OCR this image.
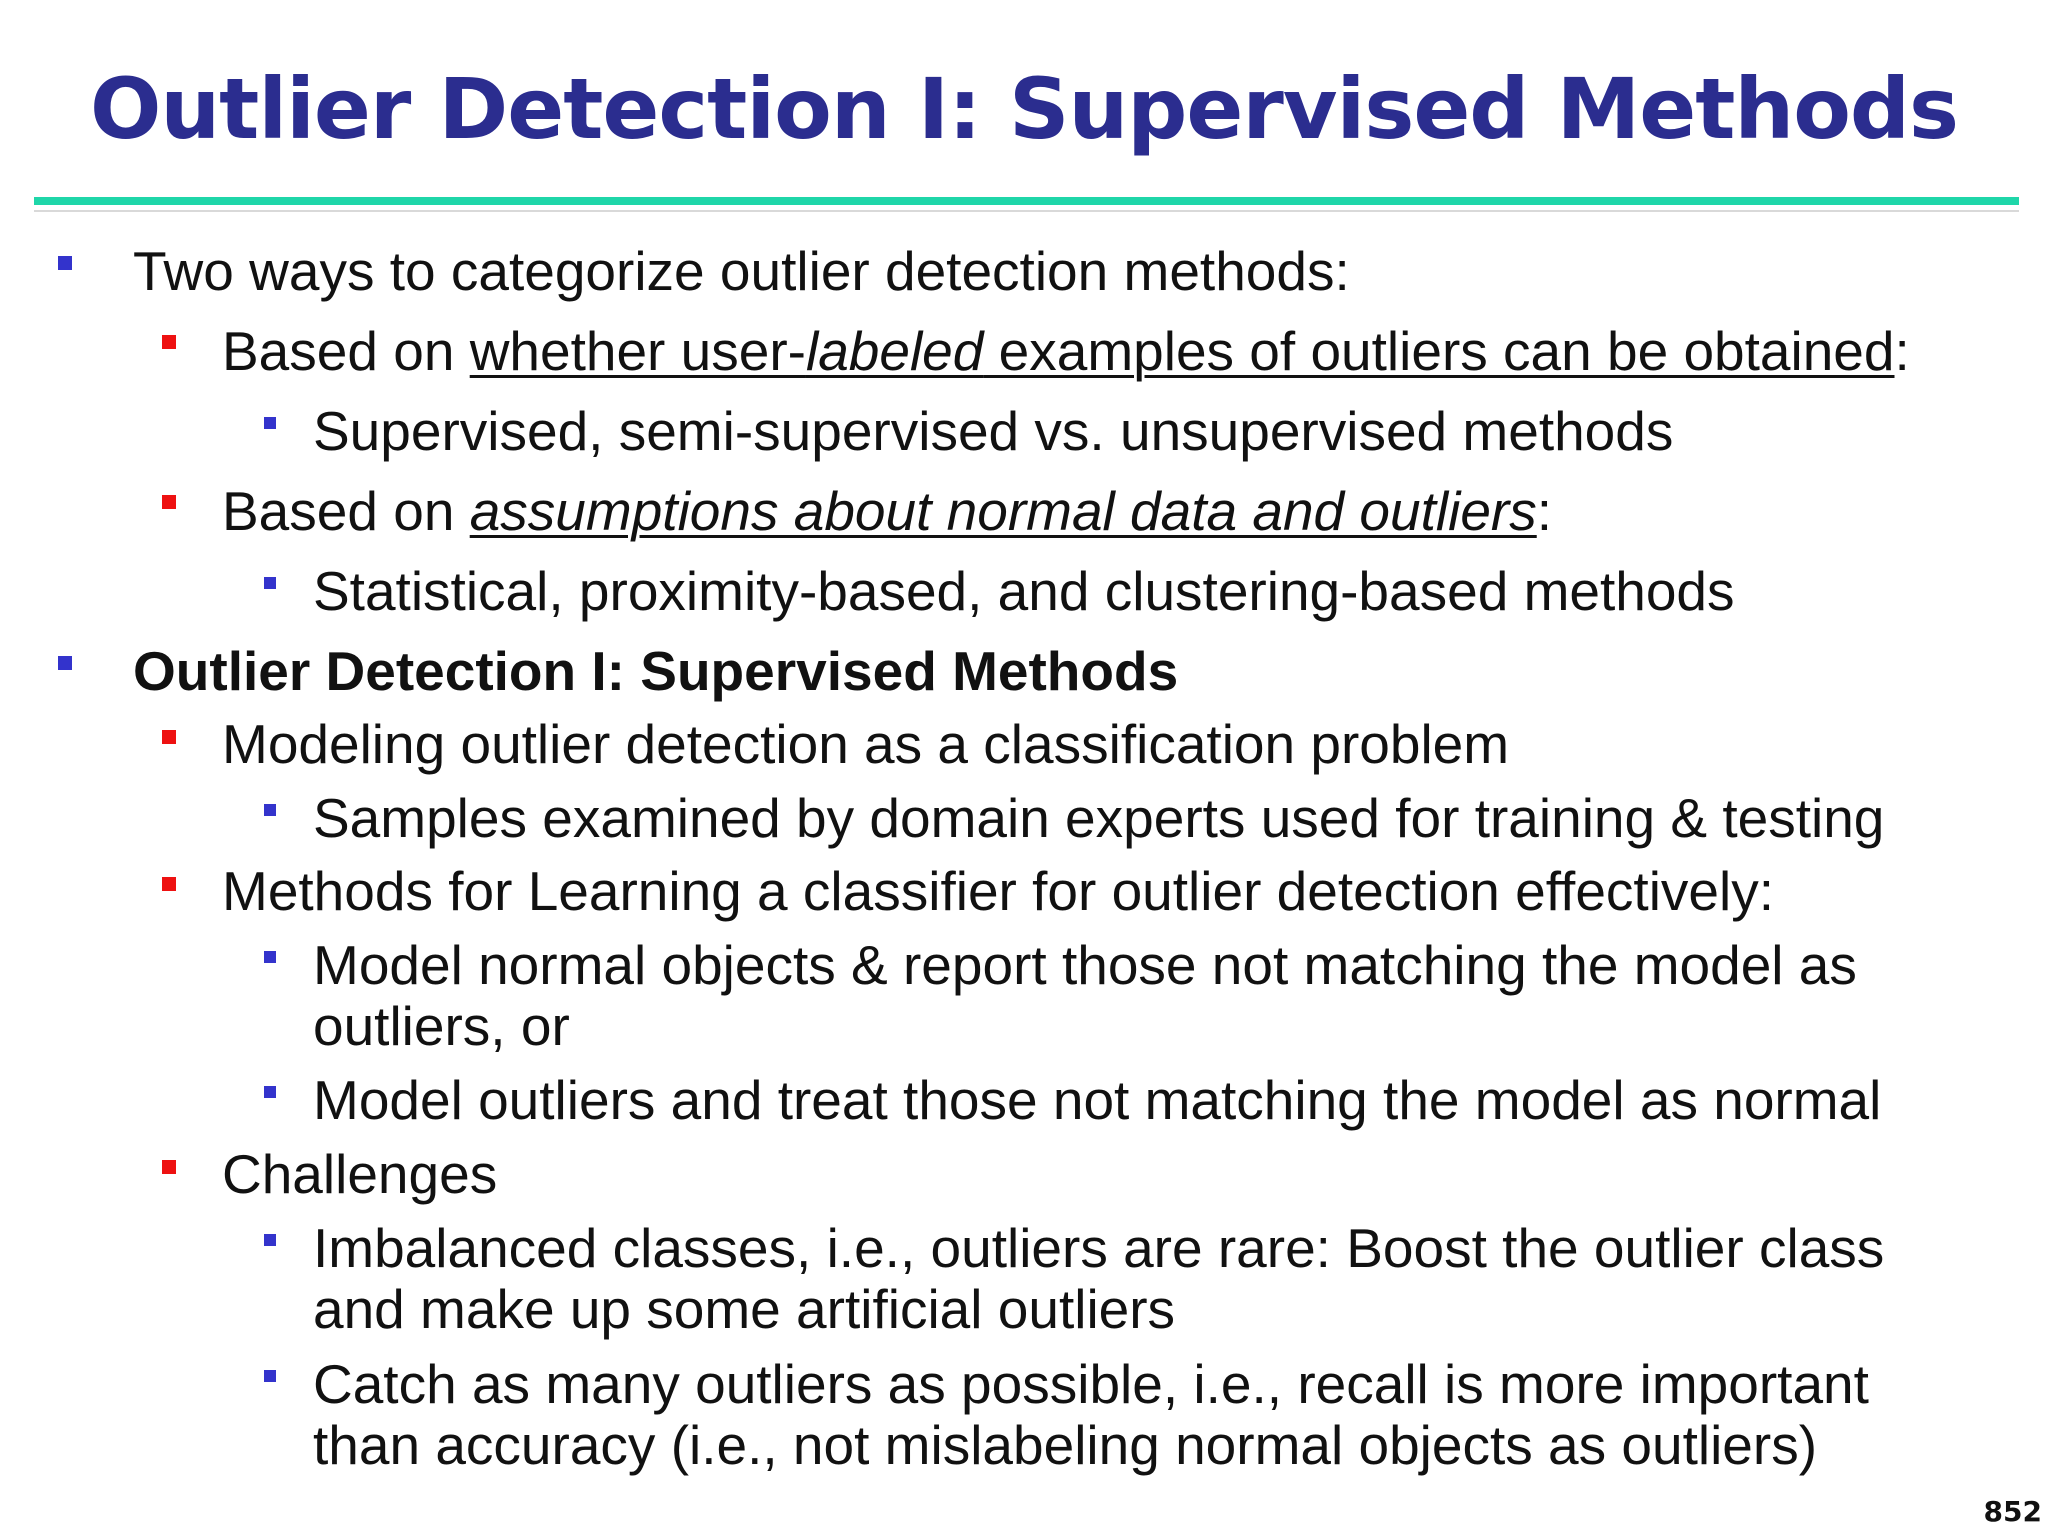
Outlier Detection I: Supervised Methods
Two ways to categorize outlier detection methods:
Based on whether user-labeled examples of outliers can be obtained:
Supervised, semi-supervised vs. unsupervised methods
Based on assumptions about normal data and outliers:
Statistical, proximity-based, and clustering-based methods
Outlier Detection I: Supervised Methods
Modeling outlier detection as a classification problem
Samples examined by domain experts used for training & testing
Methods for Learning a classifier for outlier detection effectively:
Model normal objects & report those not matching the model as
outliers, or
Model outliers and treat those not matching the model as normal
Challenges
Imbalanced classes, i.e., outliers are rare: Boost the outlier class
and make up some artificial outliers
Catch as many outliers as possible, i.e., recall is more important
than accuracy (i.e., not mislabeling normal objects as outliers)
852
